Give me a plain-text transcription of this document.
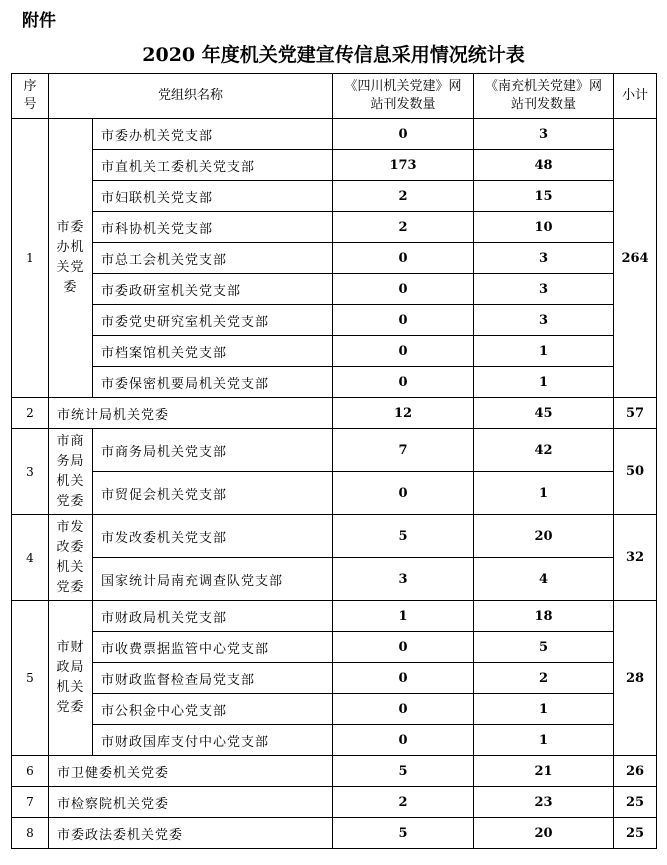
附件
2020 年度机关党建宣传信息采用情况统计表
序号	党组织名称		《四川机关党建》网站刊发数量	《南充机关党建》网站刊发数量	小计
1	市委办机关党委	市委办机关党支部	0	3	264
		市直机关工委机关党支部	173	48	
		市妇联机关党支部	2	15	
		市科协机关党支部	2	10	
		市总工会机关党支部	0	3	
		市委政研室机关党支部	0	3	
		市委党史研究室机关党支部	0	3	
		市档案馆机关党支部	0	1	
		市委保密机要局机关党支部	0	1	
2	市统计局机关党委		12	45	57
3	市商务局机关党委	市商务局机关党支部	7	42	50
		市贸促会机关党支部	0	1	
4	市发改委机关党委	市发改委机关党支部	5	20	32
		国家统计局南充调查队党支部	3	4	
5	市财政局机关党委	市财政局机关党支部	1	18	28
		市收费票据监管中心党支部	0	5	
		市财政监督检查局党支部	0	2	
		市公积金中心党支部	0	1	
		市财政国库支付中心党支部	0	1	
6	市卫健委机关党委		5	21	26
7	市检察院机关党委		2	23	25
8	市委政法委机关党委		5	20	25
